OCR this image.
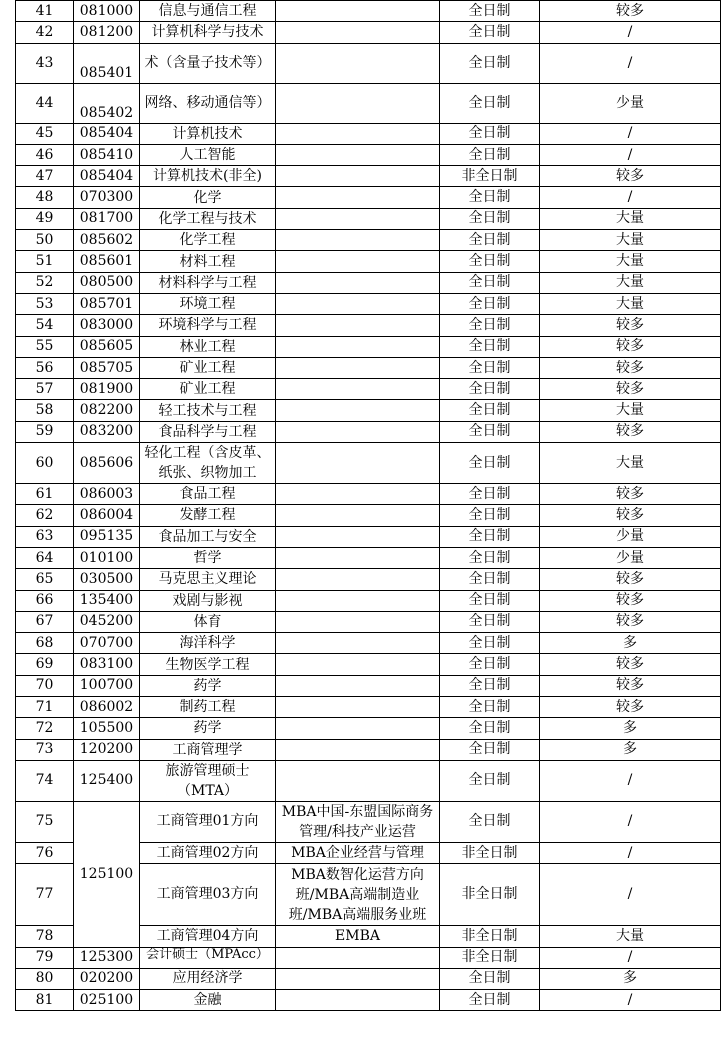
41	081000	信息与通信工程		全日制	较多
42	081200	计算机科学与技术		全日制	/
43	085401	术（含量子技术等）		全日制	/
44	085402	网络、移动通信等）		全日制	少量
45	085404	计算机技术		全日制	/
46	085410	人工智能		全日制	/
47	085404	计算机技术(非全)		非全日制	较多
48	070300	化学		全日制	/
49	081700	化学工程与技术		全日制	大量
50	085602	化学工程		全日制	大量
51	085601	材料工程		全日制	大量
52	080500	材料科学与工程		全日制	大量
53	085701	环境工程		全日制	大量
54	083000	环境科学与工程		全日制	较多
55	085605	林业工程		全日制	较多
56	085705	矿业工程		全日制	较多
57	081900	矿业工程		全日制	较多
58	082200	轻工技术与工程		全日制	大量
59	083200	食品科学与工程		全日制	较多
60	085606	轻化工程（含皮革、纸张、织物加工		全日制	大量
61	086003	食品工程		全日制	较多
62	086004	发酵工程		全日制	较多
63	095135	食品加工与安全		全日制	少量
64	010100	哲学		全日制	少量
65	030500	马克思主义理论		全日制	较多
66	135400	戏剧与影视		全日制	较多
67	045200	体育		全日制	较多
68	070700	海洋科学		全日制	多
69	083100	生物医学工程		全日制	较多
70	100700	药学		全日制	较多
71	086002	制药工程		全日制	较多
72	105500	药学		全日制	多
73	120200	工商管理学		全日制	多
74	125400	旅游管理硕士（MTA）		全日制	/
75	125100	工商管理01方向	MBA中国-东盟国际商务管理/科技产业运营	全日制	/
76		工商管理02方向	MBA企业经营与管理	非全日制	/
77		工商管理03方向	MBA数智化运营方向班/MBA高端制造业班/MBA高端服务业班	非全日制	/
78		工商管理04方向	EMBA	非全日制	大量
79	125300	会计硕士（MPAcc）		非全日制	/
80	020200	应用经济学		全日制	多
81	025100	金融		全日制	/
